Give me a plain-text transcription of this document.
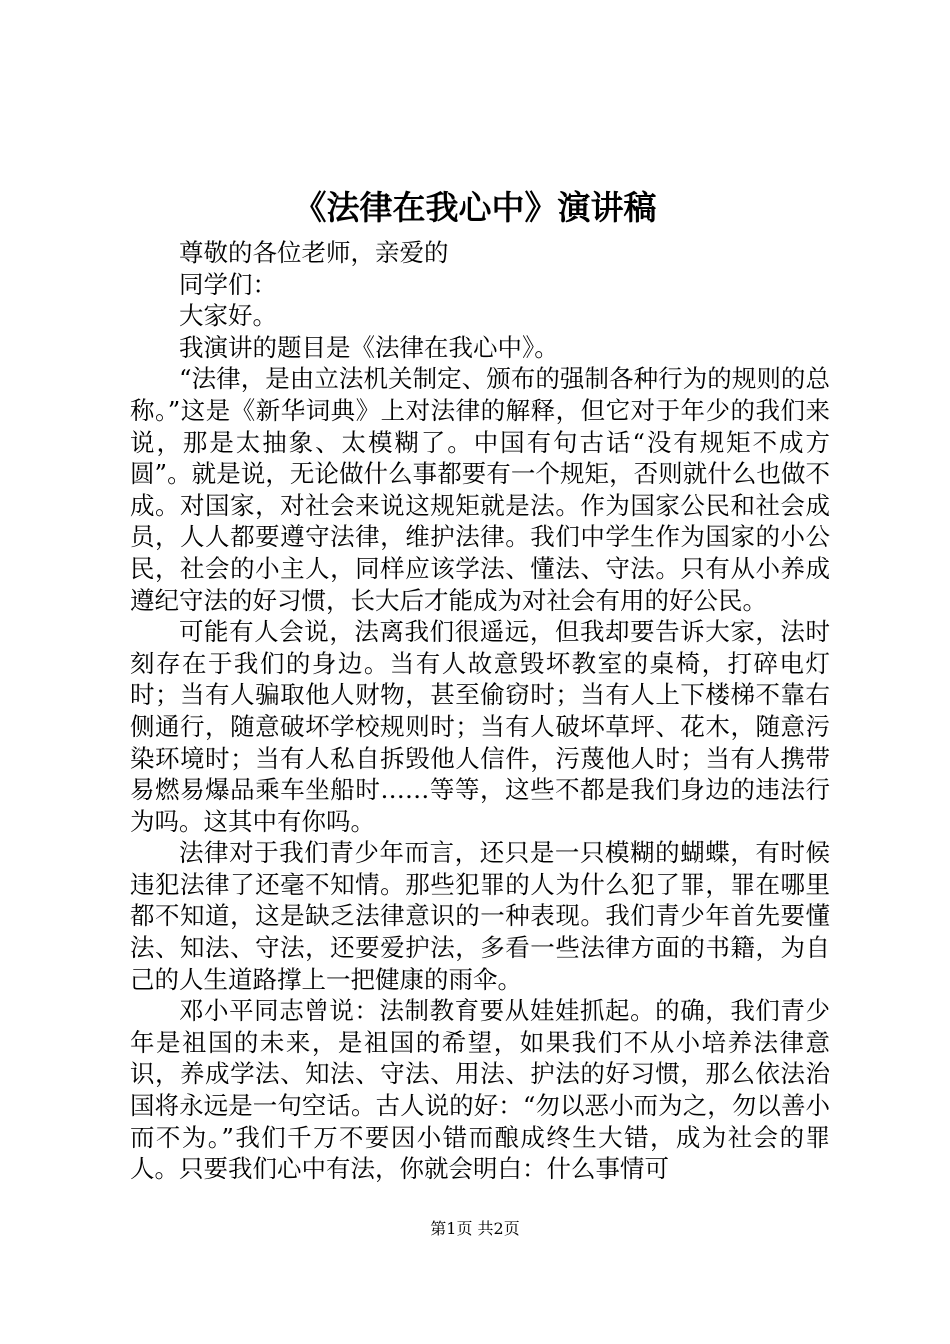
《法律在我心中》演讲稿

尊敬的各位老师，亲爱的

同学们：

大家好。

我演讲的题目是《法律在我心中》。

“法律，是由立法机关制定、颁布的强制各种行为的规则的总称。”这是《新华词典》上对法律的解释，但它对于年少的我们来说，那是太抽象、太模糊了。中国有句古话“没有规矩不成方圆”。就是说，无论做什么事都要有一个规矩，否则就什么也做不成。对国家，对社会来说这规矩就是法。作为国家公民和社会成员，人人都要遵守法律，维护法律。我们中学生作为国家的小公民，社会的小主人，同样应该学法、懂法、守法。只有从小养成遵纪守法的好习惯，长大后才能成为对社会有用的好公民。

可能有人会说，法离我们很遥远，但我却要告诉大家，法时刻存在于我们的身边。当有人故意毁坏教室的桌椅，打碎电灯时；当有人骗取他人财物，甚至偷窃时；当有人上下楼梯不靠右侧通行，随意破坏学校规则时；当有人破坏草坪、花木，随意污染环境时；当有人私自拆毁他人信件，污蔑他人时；当有人携带易燃易爆品乘车坐船时……等等，这些不都是我们身边的违法行为吗。这其中有你吗。

法律对于我们青少年而言，还只是一只模糊的蝴蝶，有时候违犯法律了还毫不知情。那些犯罪的人为什么犯了罪，罪在哪里都不知道，这是缺乏法律意识的一种表现。我们青少年首先要懂法、知法、守法，还要爱护法，多看一些法律方面的书籍，为自己的人生道路撑上一把健康的雨伞。

邓小平同志曾说：法制教育要从娃娃抓起。的确，我们青少年是祖国的未来，是祖国的希望，如果我们不从小培养法律意识，养成学法、知法、守法、用法、护法的好习惯，那么依法治国将永远是一句空话。古人说的好：“勿以恶小而为之，勿以善小而不为。”我们千万不要因小错而酿成终生大错，成为社会的罪人。只要我们心中有法，你就会明白：什么事情可

第1页 共2页
